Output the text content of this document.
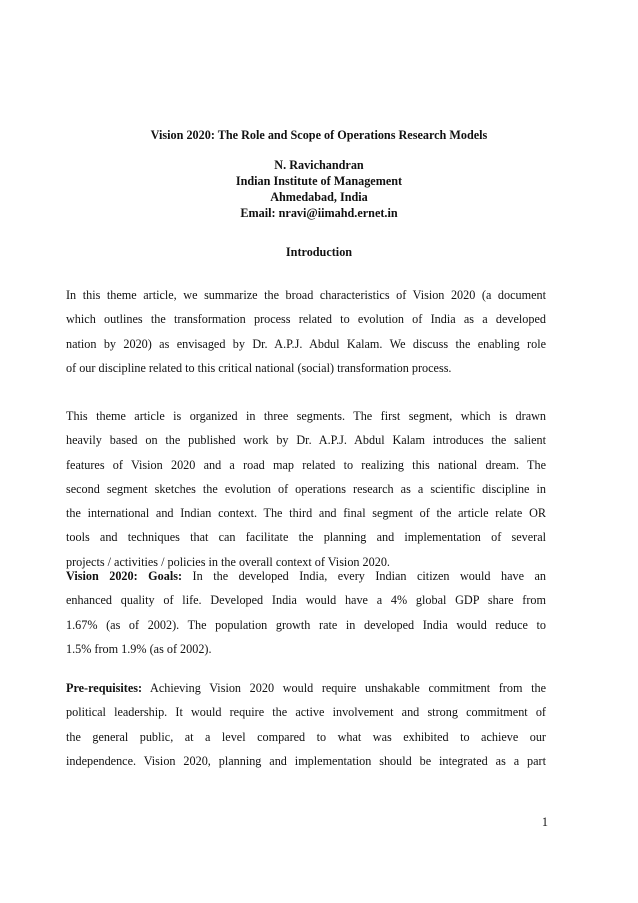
Vision 2020: The Role and Scope of Operations Research Models
N. Ravichandran
Indian Institute of Management
Ahmedabad, India
Email: nravi@iimahd.ernet.in
Introduction

In this theme article, we summarize the broad characteristics of Vision 2020 (a document
which outlines the transformation process related to evolution of India as a developed
nation by 2020) as envisaged by Dr. A.P.J. Abdul Kalam. We discuss the enabling role
of our discipline related to this critical national (social) transformation process.

This theme article is organized in three segments. The first segment, which is drawn
heavily based on the published work by Dr. A.P.J. Abdul Kalam introduces the salient
features of Vision 2020 and a road map related to realizing this national dream. The
second segment sketches the evolution of operations research as a scientific discipline in
the international and Indian context. The third and final segment of the article relate OR
tools and techniques that can facilitate the planning and implementation of several
projects / activities / policies in the overall context of Vision 2020.

Vision 2020: Goals: In the developed India, every Indian citizen would have an
enhanced quality of life. Developed India would have a 4% global GDP share from
1.67% (as of 2002). The population growth rate in developed India would reduce to
1.5% from 1.9% (as of 2002).

Pre-requisites: Achieving Vision 2020 would require unshakable commitment from the
political leadership. It would require the active involvement and strong commitment of
the general public, at a level compared to what was exhibited to achieve our
independence. Vision 2020, planning and implementation should be integrated as a part

1
